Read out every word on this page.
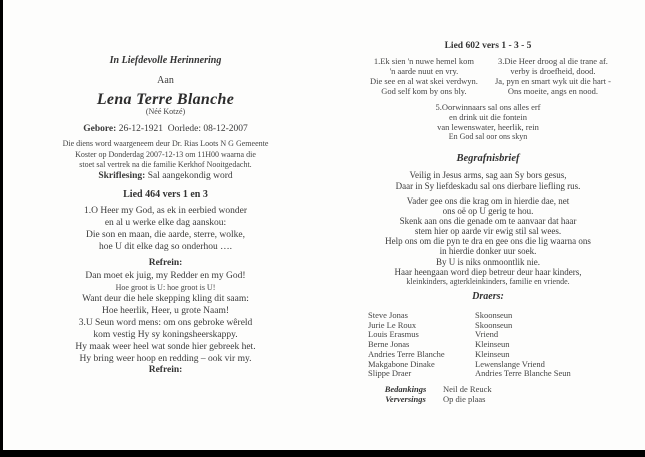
In Liefdevolle Herinnering
Aan
Lena Terre Blanche
(Néé Kotzé)
Gebore: 26-12-1921 Oorlede: 08-12-2007
Die diens word waargeneem deur Dr. Rias Loots N G Gemeente
Koster op Donderdag 2007-12-13 om 11H00 waarna die
stoet sal vertrek na die familie Kerkhof Nooitgedacht.
Skriflesing: Sal aangekondig word
Lied 464 vers 1 en 3
1.O Heer my God, as ek in eerbied wonder
en al u werke elke dag aanskou:
Die son en maan, die aarde, sterre, wolke,
hoe U dit elke dag so onderhou ….
Refrein:
Dan moet ek juig, my Redder en my God!
Hoe groot is U: hoe groot is U!
Want deur die hele skepping kling dit saam:
Hoe heerlik, Heer, u grote Naam!
3.U Seun word mens: om ons gebroke wêreld
kom vestig Hy sy koningsheerskappy.
Hy maak weer heel wat sonde hier gebreek het.
Hy bring weer hoop en redding – ook vir my.
Refrein:
Lied 602 vers 1 - 3 - 5
1.Ek sien 'n nuwe hemel kom
'n aarde nuut en vry.
Die see en al wat skei verdwyn.
God self kom by ons bly.
3.Die Heer droog al die trane af.
verby is droefheid, dood.
Ja, pyn en smart wyk uit die hart -
Ons moeite, angs en nood.
5.Oorwinnaars sal ons alles erf
en drink uit die fontein
van lewenswater, heerlik, rein
En God sal oor ons skyn
Begrafnisbrief
Veilig in Jesus arms, sag aan Sy bors gesus,
Daar in Sy liefdeskadu sal ons dierbare liefling rus.
Vader gee ons die krag om in hierdie dae, net
ons oë op U gerig te hou.
Skenk aan ons die genade om te aanvaar dat haar
stem hier op aarde vir ewig stil sal wees.
Help ons om die pyn te dra en gee ons die lig waarna ons
in hierdie donker uur soek.
By U is niks onmoontlik nie.
Haar heengaan word diep betreur deur haar kinders,
kleinkinders, agterkleinkinders, familie en vriende.
Draers:
Steve Jonas	Skoonseun
Jurie Le Roux	Skoonseun
Louis Erasmus	Vriend
Berne Jonas	Kleinseun
Andries Terre Blanche	Kleinseun
Makgabone Dinake	Lewenslange Vriend
Slippe Draer	Andries Terre Blanche Seun
Bedankings	Neil de Reuck
Verversings	Op die plaas
